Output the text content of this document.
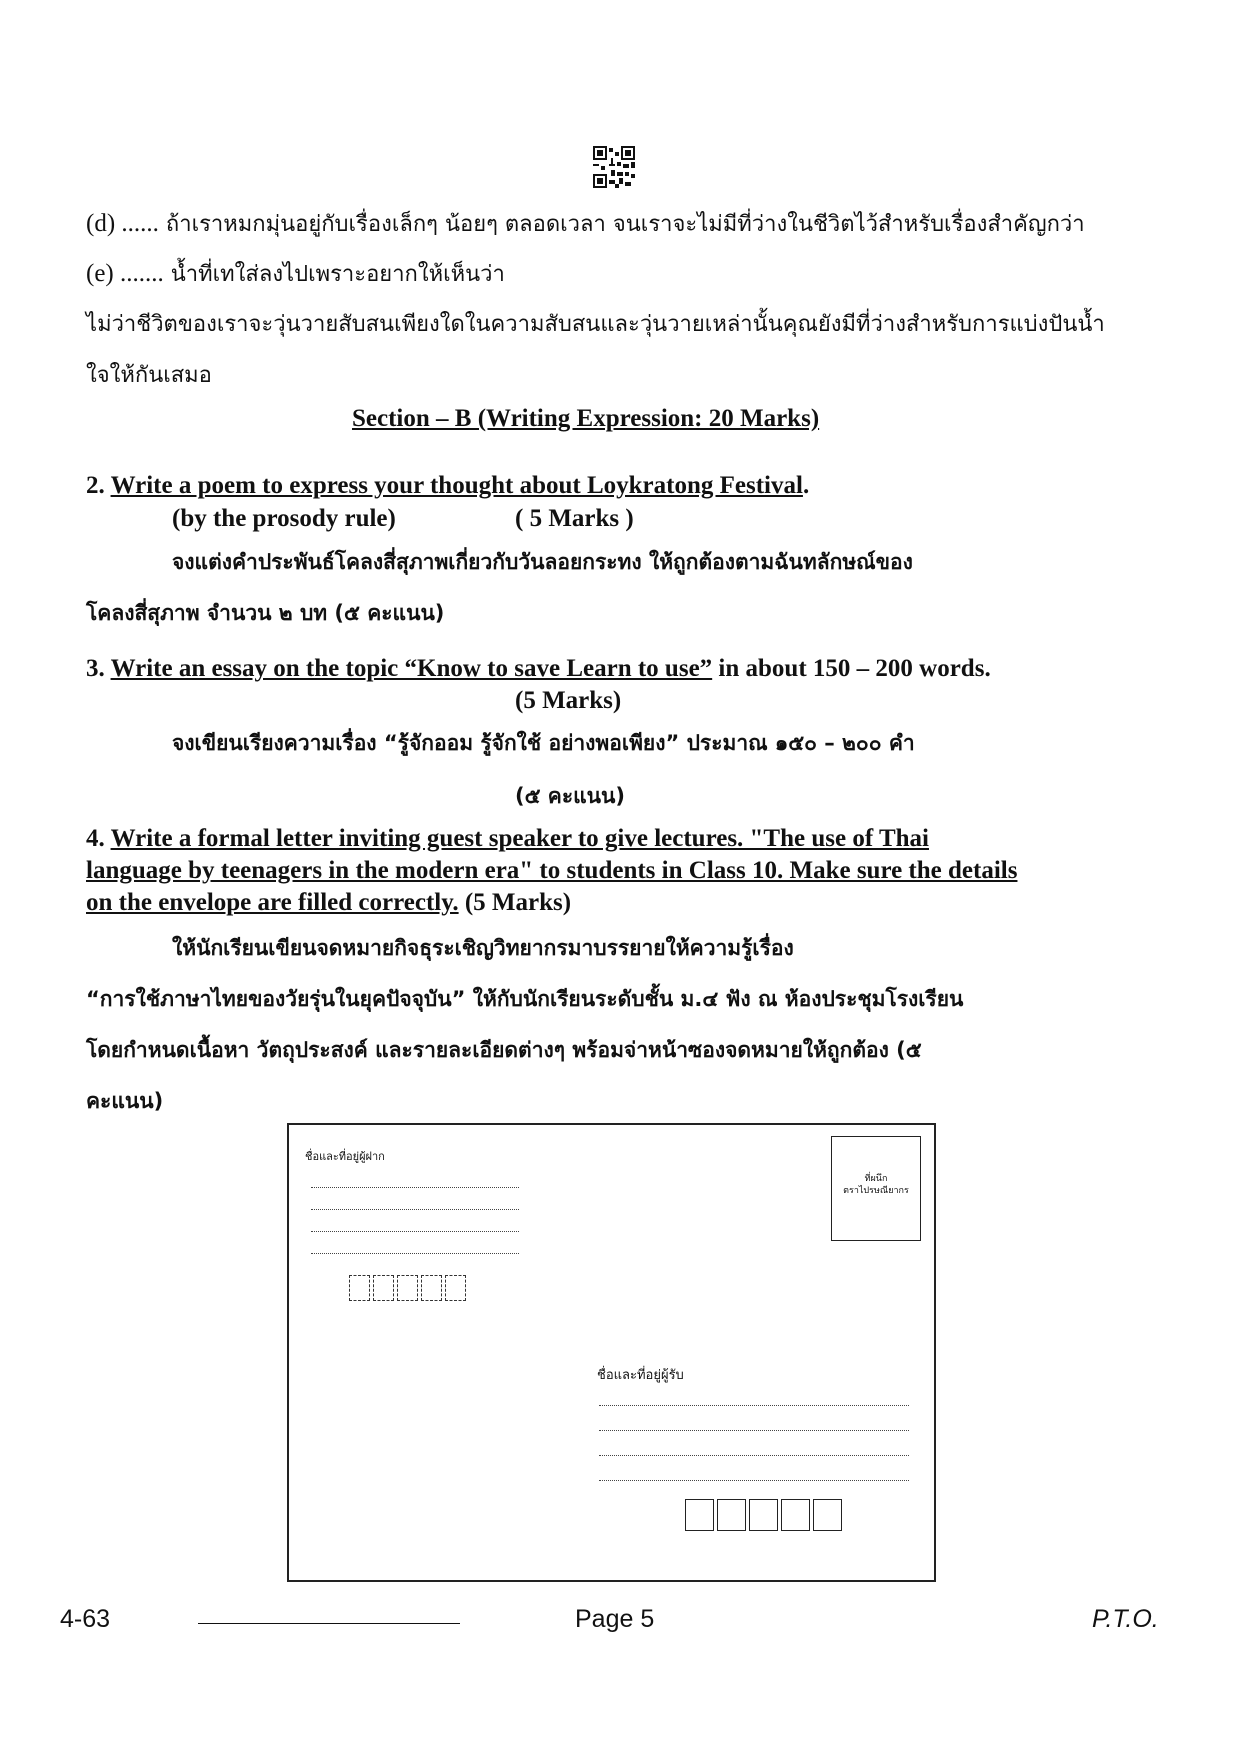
(d) ...... ถ้าเราหมกมุ่นอยู่กับเรื่องเล็กๆ น้อยๆ ตลอดเวลา จนเราจะไม่มีที่ว่างในชีวิตไว้สำหรับเรื่องสำคัญกว่า
(e) ....... น้ำที่เทใส่ลงไปเพราะอยากให้เห็นว่า
ไม่ว่าชีวิตของเราจะวุ่นวายสับสนเพียงใดในความสับสนและวุ่นวายเหล่านั้นคุณยังมีที่ว่างสำหรับการแบ่งปันน้ำ
ใจให้กันเสมอ
Section – B (Writing Expression: 20 Marks)
2. Write a poem to express your thought about Loykratong Festival.
(by the prosody rule)	( 5 Marks )
จงแต่งคำประพันธ์โคลงสี่สุภาพเกี่ยวกับวันลอยกระทง ให้ถูกต้องตามฉันทลักษณ์ของ
โคลงสี่สุภาพ จำนวน ๒ บท (๕ คะแนน)
3. Write an essay on the topic “Know to save Learn to use” in about 150 – 200 words.
(5 Marks)
จงเขียนเรียงความเรื่อง “รู้จักออม รู้จักใช้ อย่างพอเพียง” ประมาณ ๑๕๐ – ๒๐๐ คำ
(๕ คะแนน)
4. Write a formal letter inviting guest speaker to give lectures. "The use of Thai
language by teenagers in the modern era" to students in Class 10. Make sure the details
on the envelope are filled correctly. (5 Marks)
ให้นักเรียนเขียนจดหมายกิจธุระเชิญวิทยากรมาบรรยายให้ความรู้เรื่อง
“การใช้ภาษาไทยของวัยรุ่นในยุคปัจจุบัน” ให้กับนักเรียนระดับชั้น ม.๔ ฟัง ณ ห้องประชุมโรงเรียน
โดยกำหนดเนื้อหา วัตถุประสงค์ และรายละเอียดต่างๆ พร้อมจ่าหน้าซองจดหมายให้ถูกต้อง (๕
คะแนน)
ชื่อและที่อยู่ผู้ฝาก
ที่ผนึก
ตราไปรษณียากร
ชื่อและที่อยู่ผู้รับ
4-63	Page 5	P.T.O.
